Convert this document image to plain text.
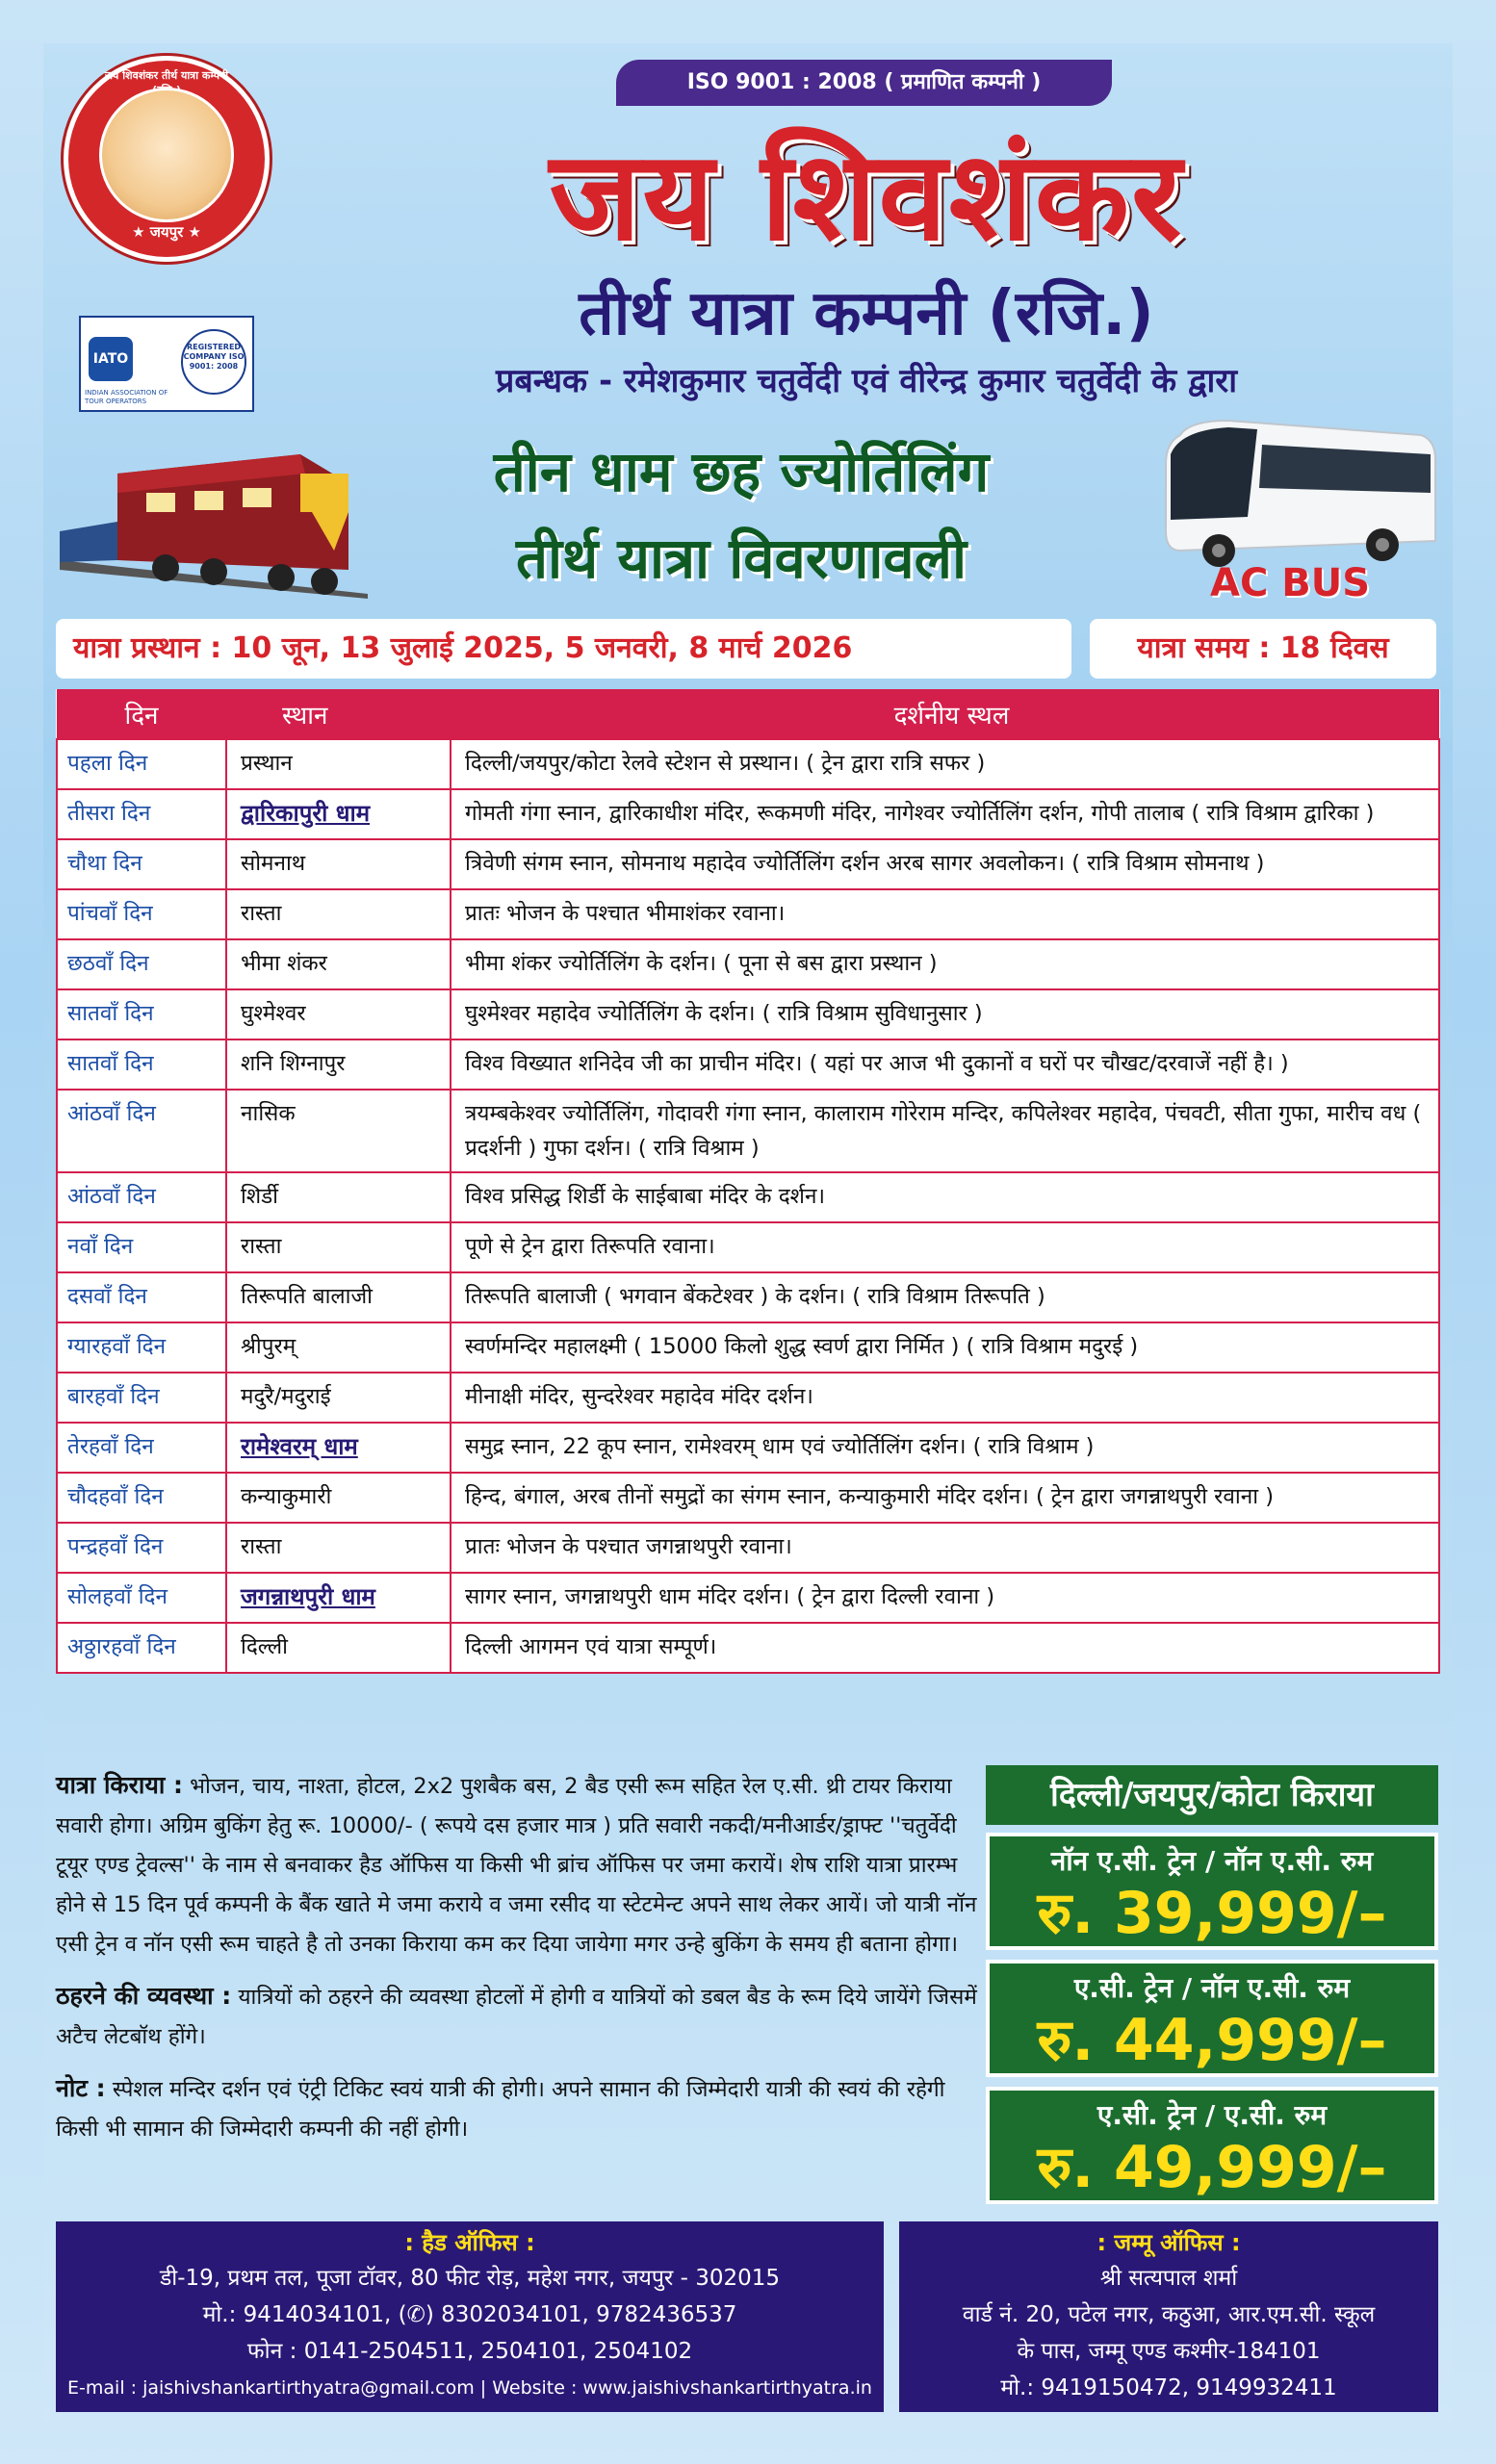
जय शिवशंकर तीर्थ यात्रा कम्पनी
★ जयपुर ★
IATO
INDIAN ASSOCIATION OF TOUR OPERATORS
REGISTERED COMPANY ISO 9001: 2008
ISO 9001 : 2008 ( प्रमाणित कम्पनी )
जय शिवशंकर
तीर्थ यात्रा कम्पनी (रजि.)
प्रबन्धक - रमेशकुमार चतुर्वेदी एवं वीरेन्द्र कुमार चतुर्वेदी के द्वारा
AC BUS
तीन धाम छह ज्योर्तिलिंग
तीर्थ यात्रा विवरणावली
यात्रा प्रस्थान : 10 जून, 13 जुलाई 2025, 5 जनवरी, 8 मार्च 2026	यात्रा समय : 18 दिवस
दिन	स्थान	दर्शनीय स्थल
पहला दिन	प्रस्थान	दिल्ली/जयपुर/कोटा रेलवे स्टेशन से प्रस्थान। ( ट्रेन द्वारा रात्रि सफर )
तीसरा दिन	द्वारिकापुरी धाम	गोमती गंगा स्नान, द्वारिकाधीश मंदिर, रूकमणी मंदिर, नागेश्वर ज्योर्तिलिंग दर्शन, गोपी तालाब ( रात्रि विश्राम द्वारिका )
चौथा दिन	सोमनाथ	त्रिवेणी संगम स्नान, सोमनाथ महादेव ज्योर्तिलिंग दर्शन अरब सागर अवलोकन। ( रात्रि विश्राम सोमनाथ )
पांचवाँ दिन	रास्ता	प्रातः भोजन के पश्चात भीमाशंकर रवाना।
छठवाँ दिन	भीमा शंकर	भीमा शंकर ज्योर्तिलिंग के दर्शन। ( पूना से बस द्वारा प्रस्थान )
सातवाँ दिन	घुश्मेश्वर	घुश्मेश्वर महादेव ज्योर्तिलिंग के दर्शन। ( रात्रि विश्राम सुविधानुसार )
सातवाँ दिन	शनि शिग्नापुर	विश्व विख्यात शनिदेव जी का प्राचीन मंदिर। ( यहां पर आज भी दुकानों व घरों पर चौखट/दरवाजें नहीं है। )
आंठवाँ दिन	नासिक	त्रयम्बकेश्वर ज्योर्तिलिंग, गोदावरी गंगा स्नान, कालाराम गोरेराम मन्दिर, कपिलेश्वर महादेव, पंचवटी, सीता गुफा, मारीच वध ( प्रदर्शनी ) गुफा दर्शन। ( रात्रि विश्राम )
आंठवाँ दिन	शिर्डी	विश्व प्रसिद्ध शिर्डी के साईबाबा मंदिर के दर्शन।
नवाँ दिन	रास्ता	पूणे से ट्रेन द्वारा तिरूपति रवाना।
दसवाँ दिन	तिरूपति बालाजी	तिरूपति बालाजी ( भगवान बेंकटेश्वर ) के दर्शन। ( रात्रि विश्राम तिरूपति )
ग्यारहवाँ दिन	श्रीपुरम्	स्वर्णमन्दिर महालक्ष्मी ( 15000 किलो शुद्ध स्वर्ण द्वारा निर्मित ) ( रात्रि विश्राम मदुरई )
बारहवाँ दिन	मदुरै/मदुराई	मीनाक्षी मंदिर, सुन्दरेश्वर महादेव मंदिर दर्शन।
तेरहवाँ दिन	रामेश्वरम् धाम	समुद्र स्नान, 22 कूप स्नान, रामेश्वरम् धाम एवं ज्योर्तिलिंग दर्शन। ( रात्रि विश्राम )
चौदहवाँ दिन	कन्याकुमारी	हिन्द, बंगाल, अरब तीनों समुद्रों का संगम स्नान, कन्याकुमारी मंदिर दर्शन। ( ट्रेन द्वारा जगन्नाथपुरी रवाना )
पन्द्रहवाँ दिन	रास्ता	प्रातः भोजन के पश्चात जगन्नाथपुरी रवाना।
सोलहवाँ दिन	जगन्नाथपुरी धाम	सागर स्नान, जगन्नाथपुरी धाम मंदिर दर्शन। ( ट्रेन द्वारा दिल्ली रवाना )
अठ्ठारहवाँ दिन	दिल्ली	दिल्ली आगमन एवं यात्रा सम्पूर्ण।

यात्रा किराया : भोजन, चाय, नाश्ता, होटल, 2x2 पुशबैक बस, 2 बैड एसी रूम सहित रेल ए.सी. थ्री टायर किराया सवारी होगा। अग्रिम बुकिंग हेतु रू. 10000/- ( रूपये दस हजार मात्र ) प्रति सवारी नकदी/मनीआर्डर/ड्राफ्ट ''चतुर्वेदी टूयूर एण्ड ट्रेवल्स'' के नाम से बनवाकर हैड ऑफिस या किसी भी ब्रांच ऑफिस पर जमा करायें। शेष राशि यात्रा प्रारम्भ होने से 15 दिन पूर्व कम्पनी के बैंक खाते मे जमा कराये व जमा रसीद या स्टेटमेन्ट अपने साथ लेकर आयें। जो यात्री नॉन एसी ट्रेन व नॉन एसी रूम चाहते है तो उनका किराया कम कर दिया जायेगा मगर उन्हे बुकिंग के समय ही बताना होगा।

ठहरने की व्यवस्था : यात्रियों को ठहरने की व्यवस्था होटलों में होगी व यात्रियों को डबल बैड के रूम दिये जायेंगे जिसमें अटैच लेटबॉथ होंगे।

नोट : स्पेशल मन्दिर दर्शन एवं एंट्री टिकिट स्वयं यात्री की होगी। अपने सामान की जिम्मेदारी यात्री की स्वयं की रहेगी किसी भी सामान की जिम्मेदारी कम्पनी की नहीं होगी।

दिल्ली/जयपुर/कोटा किराया
नॉन ए.सी. ट्रेन / नॉन ए.सी. रुम
रु. 39,999/–
ए.सी. ट्रेन / नॉन ए.सी. रुम
रु. 44,999/–
ए.सी. ट्रेन / ए.सी. रुम
रु. 49,999/–
: हैड ऑफिस :
डी-19, प्रथम तल, पूजा टॉवर, 80 फीट रोड़, महेश नगर, जयपुर - 302015
मो.: 9414034101, (✆) 8302034101, 9782436537
फोन : 0141-2504511, 2504101, 2504102
E-mail : jaishivshankartirthyatra@gmail.com | Website : www.jaishivshankartirthyatra.in
: जम्मू ऑफिस :
श्री सत्यपाल शर्मा
वार्ड नं. 20, पटेल नगर, कठुआ, आर.एम.सी. स्कूल
के पास, जम्मू एण्ड कश्मीर-184101
मो.: 9419150472, 9149932411
